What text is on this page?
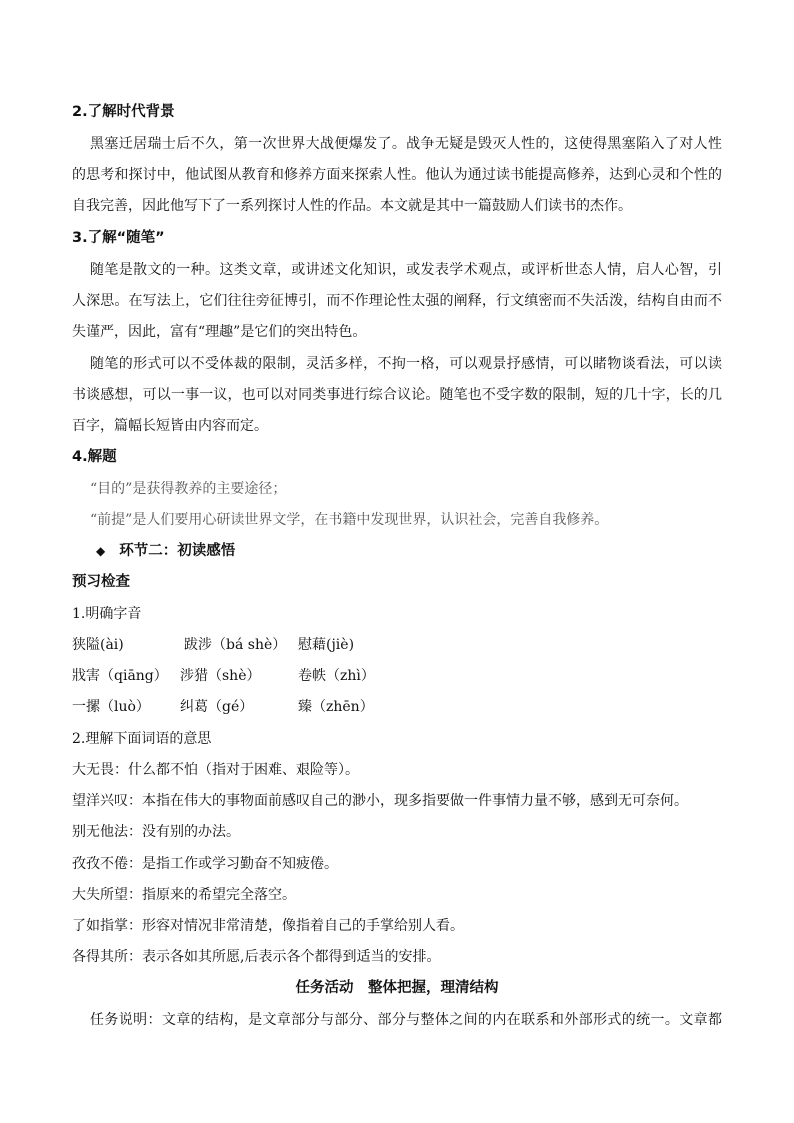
2.了解时代背景
黑塞迁居瑞士后不久，第一次世界大战便爆发了。战争无疑是毁灭人性的，这使得黑塞陷入了对人性
的思考和探讨中，他试图从教育和修养方面来探索人性。他认为通过读书能提高修养，达到心灵和个性的
自我完善，因此他写下了一系列探讨人性的作品。本文就是其中一篇鼓励人们读书的杰作。
3.了解“随笔”
随笔是散文的一种。这类文章，或讲述文化知识，或发表学术观点，或评析世态人情，启人心智，引
人深思。在写法上，它们往往旁征博引，而不作理论性太强的阐释，行文缜密而不失活泼，结构自由而不
失谨严，因此，富有“理趣”是它们的突出特色。
随笔的形式可以不受体裁的限制，灵活多样，不拘一格，可以观景抒感情，可以睹物谈看法，可以读
书谈感想，可以一事一议，也可以对同类事进行综合议论。随笔也不受字数的限制，短的几十字，长的几
百字，篇幅长短皆由内容而定。
4.解题
“目的”是获得教养的主要途径；
“前提”是人们要用心研读世界文学，在书籍中发现世界，认识社会，完善自我修养。
◆ 环节二：初读感悟
预习检查
1.明确字音
狭隘(ài)	跋涉（bá shè） 慰藉(jiè)
戕害（qiāng） 涉猎（shè）	卷帙（zhì）
一摞（luò） 纠葛（gé）	臻（zhēn）
2.理解下面词语的意思
大无畏：什么都不怕（指对于困难、艰险等）。
望洋兴叹：本指在伟大的事物面前感叹自己的渺小，现多指要做一件事情力量不够，感到无可奈何。
别无他法：没有别的办法。
孜孜不倦：是指工作或学习勤奋不知疲倦。
大失所望：指原来的希望完全落空。
了如指掌：形容对情况非常清楚，像指着自己的手掌给别人看。
各得其所：表示各如其所愿,后表示各个都得到适当的安排。
任务活动　整体把握，理清结构
任务说明：文章的结构，是文章部分与部分、部分与整体之间的内在联系和外部形式的统一。文章都
